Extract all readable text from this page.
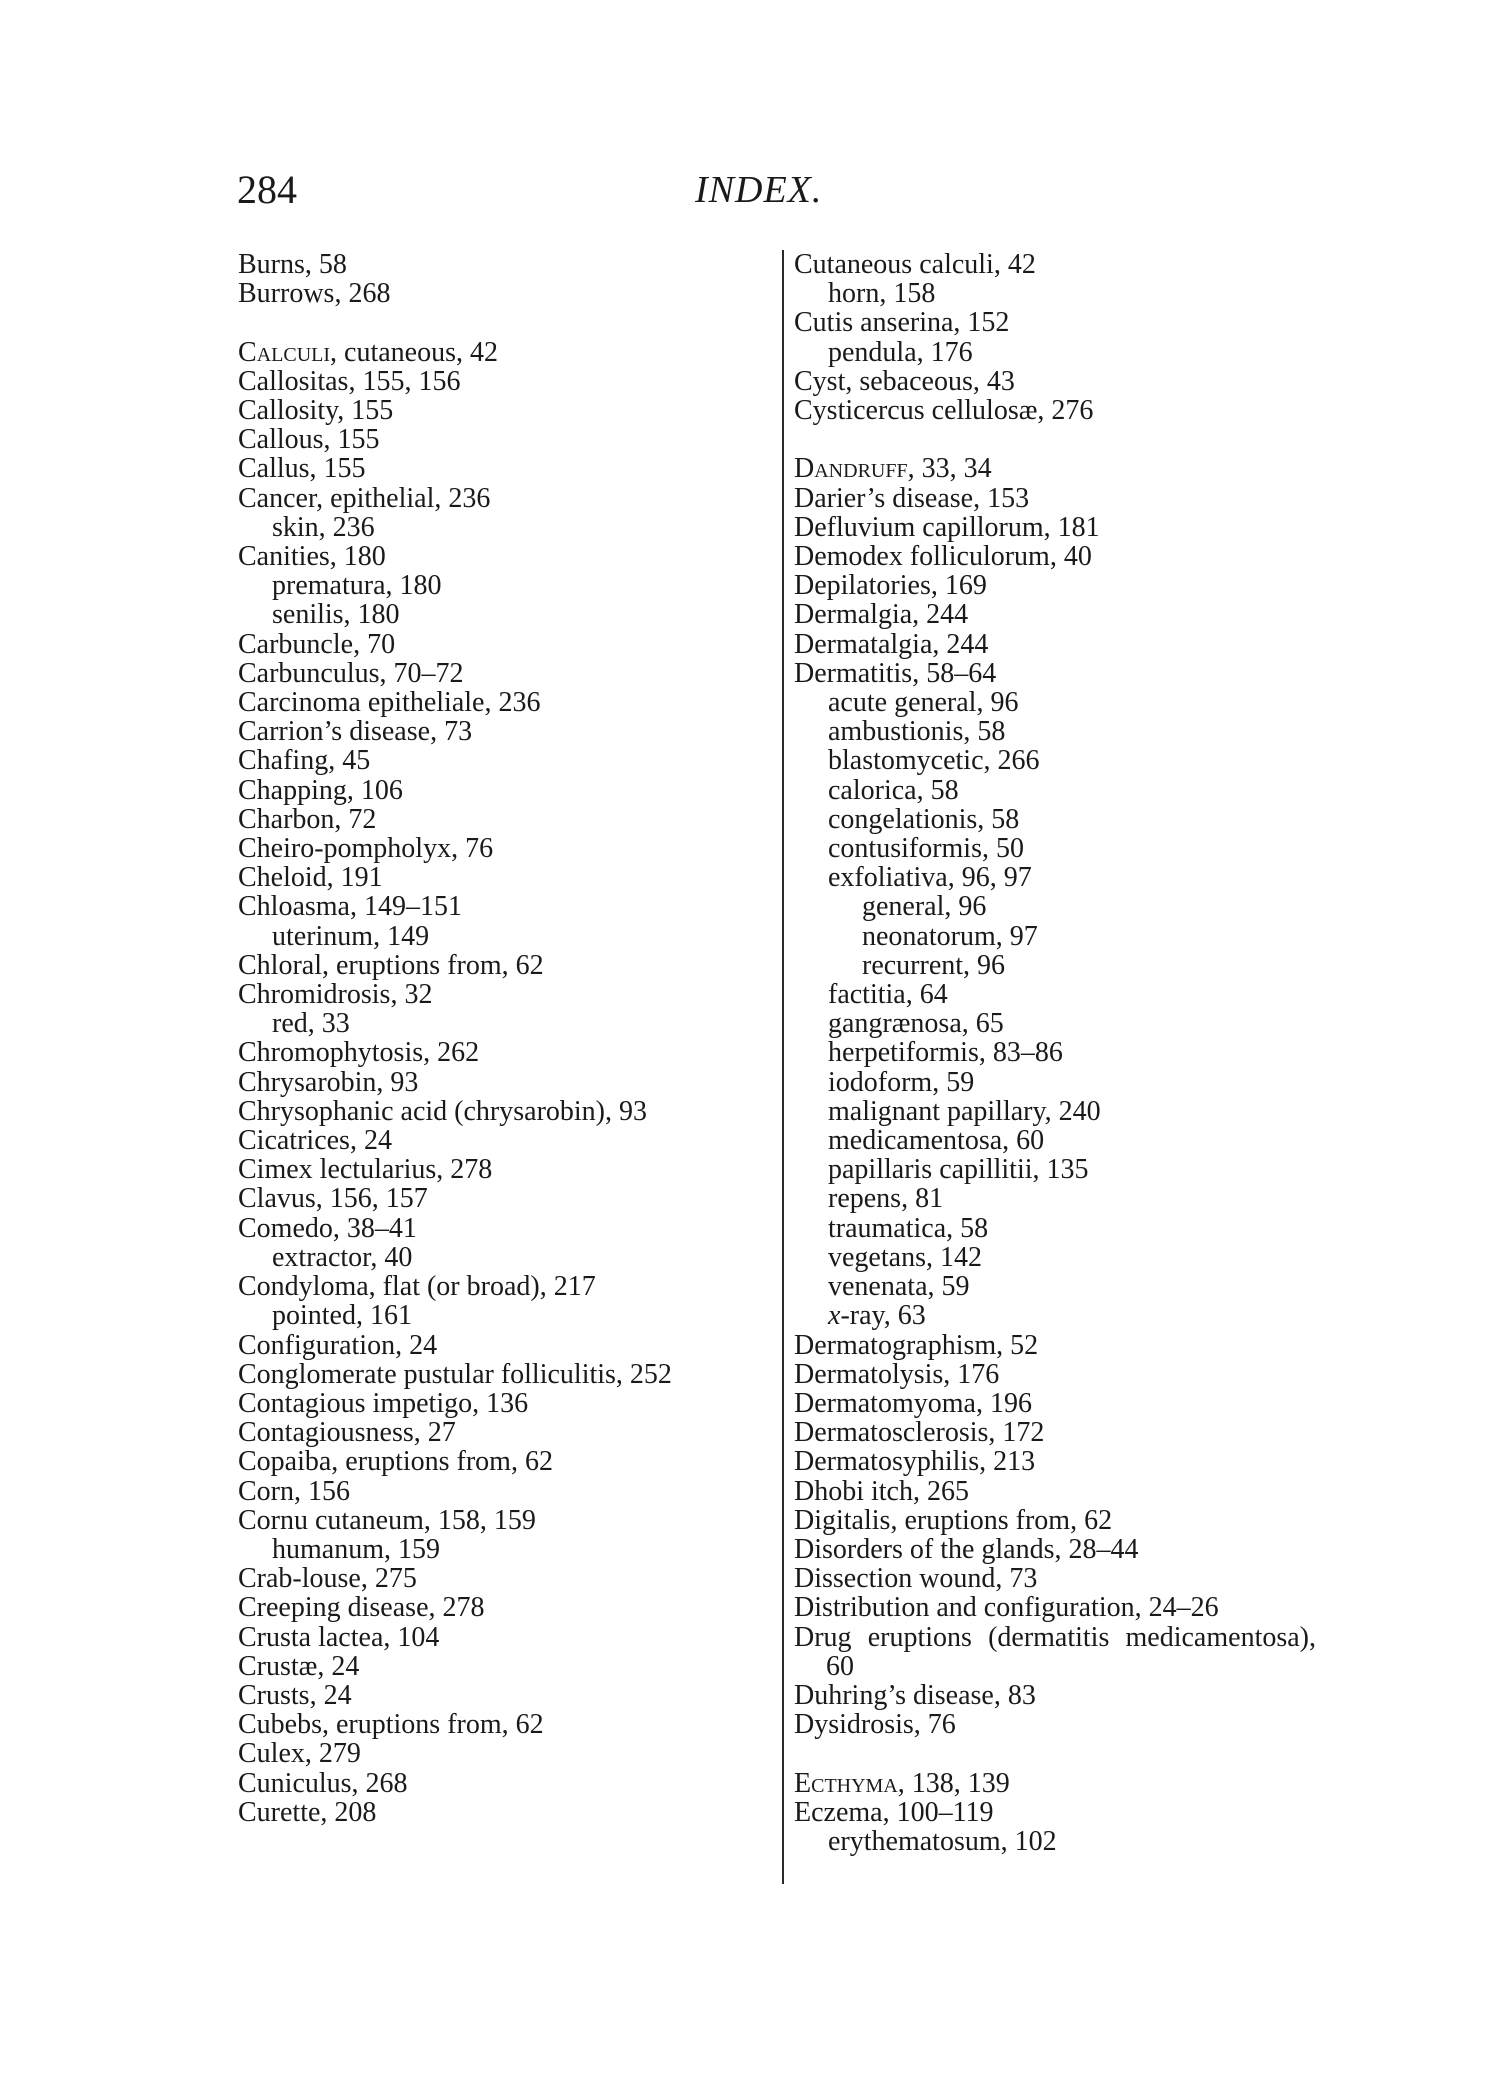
284	INDEX.
Burns, 58
Burrows, 268
Calculi, cutaneous, 42
Callositas, 155, 156
Callosity, 155
Callous, 155
Callus, 155
Cancer, epithelial, 236
skin, 236
Canities, 180
prematura, 180
senilis, 180
Carbuncle, 70
Carbunculus, 70–72
Carcinoma epitheliale, 236
Carrion’s disease, 73
Chafing, 45
Chapping, 106
Charbon, 72
Cheiro-pompholyx, 76
Cheloid, 191
Chloasma, 149–151
uterinum, 149
Chloral, eruptions from, 62
Chromidrosis, 32
red, 33
Chromophytosis, 262
Chrysarobin, 93
Chrysophanic acid (chrysarobin), 93
Cicatrices, 24
Cimex lectularius, 278
Clavus, 156, 157
Comedo, 38–41
extractor, 40
Condyloma, flat (or broad), 217
pointed, 161
Configuration, 24
Conglomerate pustular folliculitis, 252
Contagious impetigo, 136
Contagiousness, 27
Copaiba, eruptions from, 62
Corn, 156
Cornu cutaneum, 158, 159
humanum, 159
Crab-louse, 275
Creeping disease, 278
Crusta lactea, 104
Crustæ, 24
Crusts, 24
Cubebs, eruptions from, 62
Culex, 279
Cuniculus, 268
Curette, 208
Cutaneous calculi, 42
horn, 158
Cutis anserina, 152
pendula, 176
Cyst, sebaceous, 43
Cysticercus cellulosæ, 276
Dandruff, 33, 34
Darier’s disease, 153
Defluvium capillorum, 181
Demodex folliculorum, 40
Depilatories, 169
Dermalgia, 244
Dermatalgia, 244
Dermatitis, 58–64
acute general, 96
ambustionis, 58
blastomycetic, 266
calorica, 58
congelationis, 58
contusiformis, 50
exfoliativa, 96, 97
general, 96
neonatorum, 97
recurrent, 96
factitia, 64
gangrænosa, 65
herpetiformis, 83–86
iodoform, 59
malignant papillary, 240
medicamentosa, 60
papillaris capillitii, 135
repens, 81
traumatica, 58
vegetans, 142
venenata, 59
x-ray, 63
Dermatographism, 52
Dermatolysis, 176
Dermatomyoma, 196
Dermatosclerosis, 172
Dermatosyphilis, 213
Dhobi itch, 265
Digitalis, eruptions from, 62
Disorders of the glands, 28–44
Dissection wound, 73
Distribution and configuration, 24–26
Drug eruptions (dermatitis medicamentosa), 60
Duhring’s disease, 83
Dysidrosis, 76
Ecthyma, 138, 139
Eczema, 100–119
erythematosum, 102
